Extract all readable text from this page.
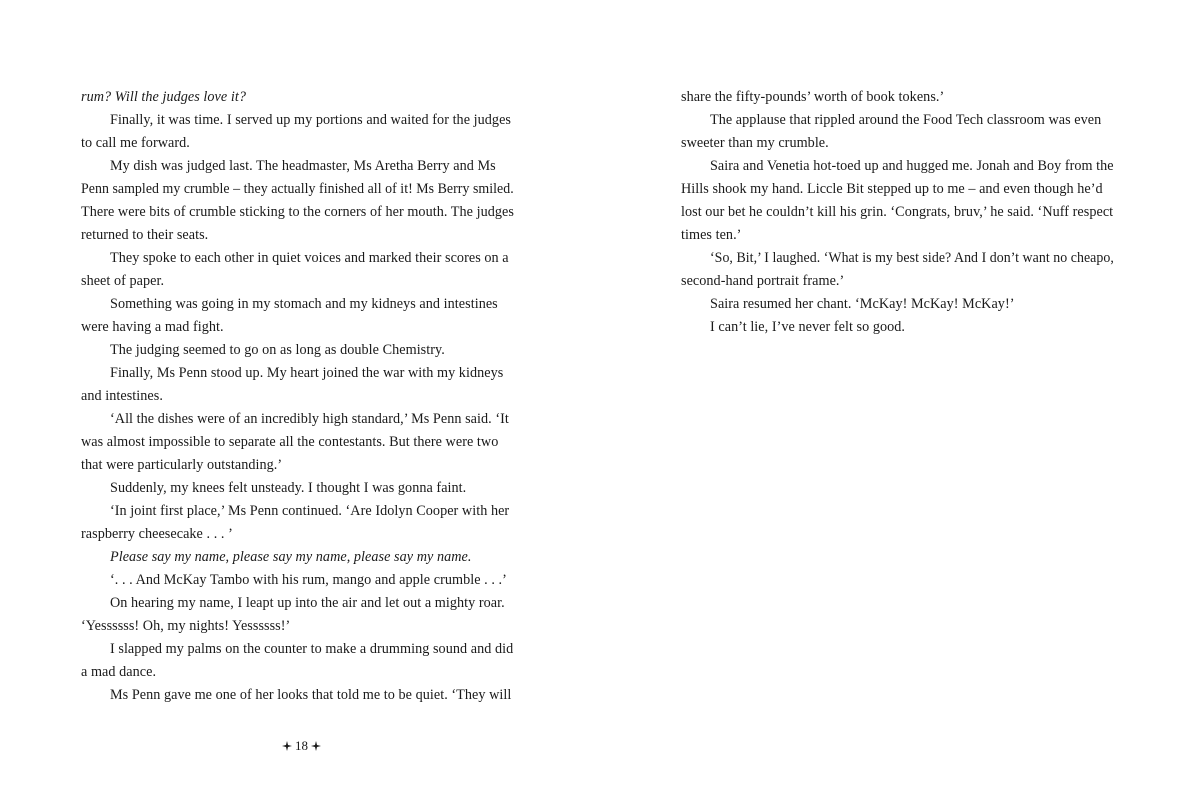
rum? Will the judges love it?
Finally, it was time. I served up my portions and waited for the judges
to call me forward.
My dish was judged last. The headmaster, Ms Aretha Berry and Ms
Penn sampled my crumble – they actually finished all of it! Ms Berry smiled.
There were bits of crumble sticking to the corners of her mouth. The judges
returned to their seats.
They spoke to each other in quiet voices and marked their scores on a
sheet of paper.
Something was going in my stomach and my kidneys and intestines
were having a mad fight.
The judging seemed to go on as long as double Chemistry.
Finally, Ms Penn stood up. My heart joined the war with my kidneys
and intestines.
‘All the dishes were of an incredibly high standard,’ Ms Penn said. ‘It
was almost impossible to separate all the contestants. But there were two
that were particularly outstanding.’
Suddenly, my knees felt unsteady. I thought I was gonna faint.
‘In joint first place,’ Ms Penn continued. ‘Are Idolyn Cooper with her
raspberry cheesecake . . . ’
Please say my name, please say my name, please say my name.
‘. . . And McKay Tambo with his rum, mango and apple crumble . . .’
On hearing my name, I leapt up into the air and let out a mighty roar.
‘Yessssss! Oh, my nights! Yessssss!’
I slapped my palms on the counter to make a drumming sound and did
a mad dance.
Ms Penn gave me one of her looks that told me to be quiet. ‘They will
18
share the fifty-pounds’ worth of book tokens.’
The applause that rippled around the Food Tech classroom was even
sweeter than my crumble.
Saira and Venetia hot-toed up and hugged me. Jonah and Boy from the
Hills shook my hand. Liccle Bit stepped up to me – and even though he’d
lost our bet he couldn’t kill his grin. ‘Congrats, bruv,’ he said. ‘Nuff respect
times ten.’
‘So, Bit,’ I laughed. ‘What is my best side? And I don’t want no cheapo,
second-hand portrait frame.’
Saira resumed her chant. ‘McKay! McKay! McKay!’
I can’t lie, I’ve never felt so good.
